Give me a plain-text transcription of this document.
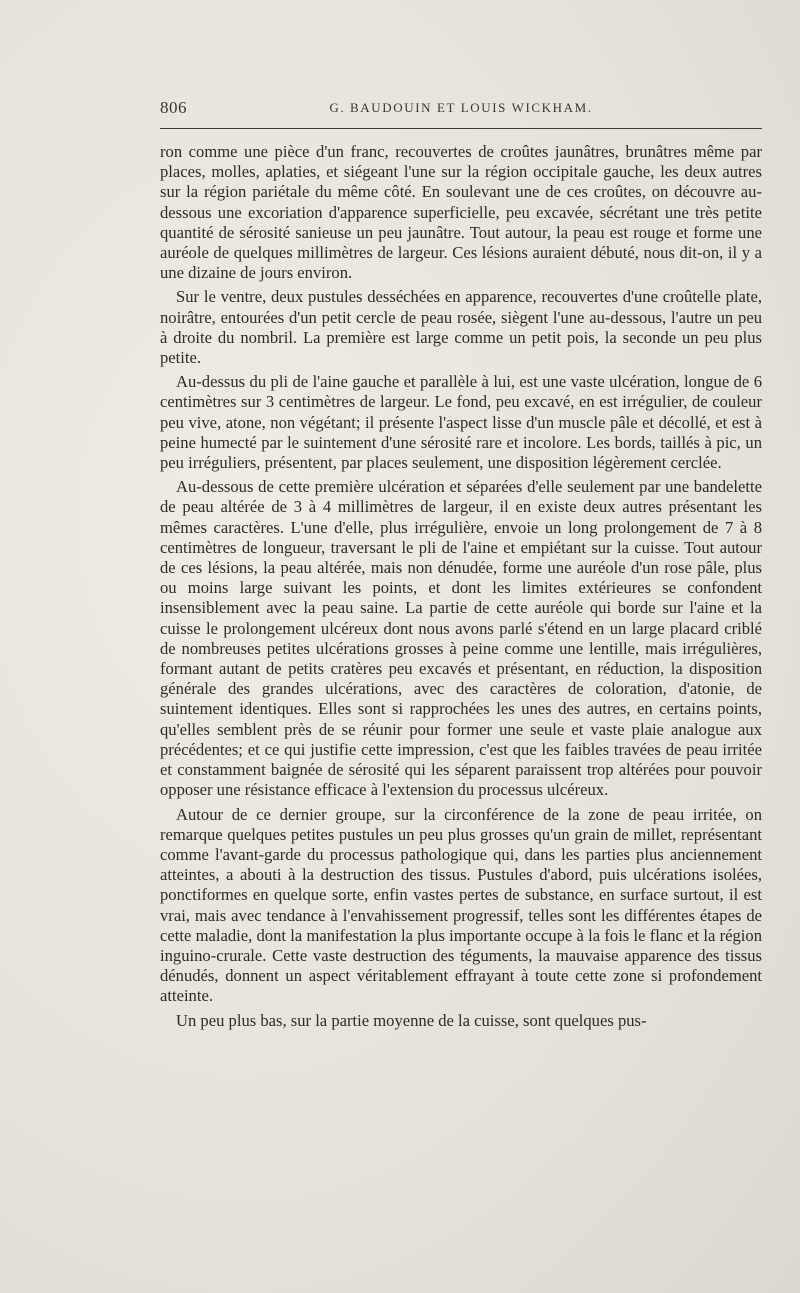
806	G. BAUDOUIN ET LOUIS WICKHAM.

ron comme une pièce d'un franc, recouvertes de croûtes jaunâtres, brunâtres même par places, molles, aplaties, et siégeant l'une sur la région occipitale gauche, les deux autres sur la région pariétale du même côté. En soulevant une de ces croûtes, on découvre au-dessous une excoriation d'apparence superficielle, peu excavée, sécrétant une très petite quantité de sérosité sanieuse un peu jaunâtre. Tout autour, la peau est rouge et forme une auréole de quelques millimètres de largeur. Ces lésions auraient débuté, nous dit-on, il y a une dizaine de jours environ.

Sur le ventre, deux pustules desséchées en apparence, recouvertes d'une croûtelle plate, noirâtre, entourées d'un petit cercle de peau rosée, siègent l'une au-dessous, l'autre un peu à droite du nombril. La première est large comme un petit pois, la seconde un peu plus petite.

Au-dessus du pli de l'aine gauche et parallèle à lui, est une vaste ulcération, longue de 6 centimètres sur 3 centimètres de largeur. Le fond, peu excavé, en est irrégulier, de couleur peu vive, atone, non végétant; il présente l'aspect lisse d'un muscle pâle et décollé, et est à peine humecté par le suintement d'une sérosité rare et incolore. Les bords, taillés à pic, un peu irréguliers, présentent, par places seulement, une disposition légèrement cerclée.

Au-dessous de cette première ulcération et séparées d'elle seulement par une bandelette de peau altérée de 3 à 4 millimètres de largeur, il en existe deux autres présentant les mêmes caractères. L'une d'elle, plus irrégulière, envoie un long prolongement de 7 à 8 centimètres de longueur, traversant le pli de l'aine et empiétant sur la cuisse. Tout autour de ces lésions, la peau altérée, mais non dénudée, forme une auréole d'un rose pâle, plus ou moins large suivant les points, et dont les limites extérieures se confondent insensiblement avec la peau saine. La partie de cette auréole qui borde sur l'aine et la cuisse le prolongement ulcéreux dont nous avons parlé s'étend en un large placard criblé de nombreuses petites ulcérations grosses à peine comme une lentille, mais irrégulières, formant autant de petits cratères peu excavés et présentant, en réduction, la disposition générale des grandes ulcérations, avec des caractères de coloration, d'atonie, de suintement identiques. Elles sont si rapprochées les unes des autres, en certains points, qu'elles semblent près de se réunir pour former une seule et vaste plaie analogue aux précédentes; et ce qui justifie cette impression, c'est que les faibles travées de peau irritée et constamment baignée de sérosité qui les séparent paraissent trop altérées pour pouvoir opposer une résistance efficace à l'extension du processus ulcéreux.

Autour de ce dernier groupe, sur la circonférence de la zone de peau irritée, on remarque quelques petites pustules un peu plus grosses qu'un grain de millet, représentant comme l'avant-garde du processus pathologique qui, dans les parties plus anciennement atteintes, a abouti à la destruction des tissus. Pustules d'abord, puis ulcérations isolées, ponctiformes en quelque sorte, enfin vastes pertes de substance, en surface surtout, il est vrai, mais avec tendance à l'envahissement progressif, telles sont les différentes étapes de cette maladie, dont la manifestation la plus importante occupe à la fois le flanc et la région inguino-crurale. Cette vaste destruction des téguments, la mauvaise apparence des tissus dénudés, donnent un aspect véritablement effrayant à toute cette zone si profondement atteinte.

Un peu plus bas, sur la partie moyenne de la cuisse, sont quelques pus-
